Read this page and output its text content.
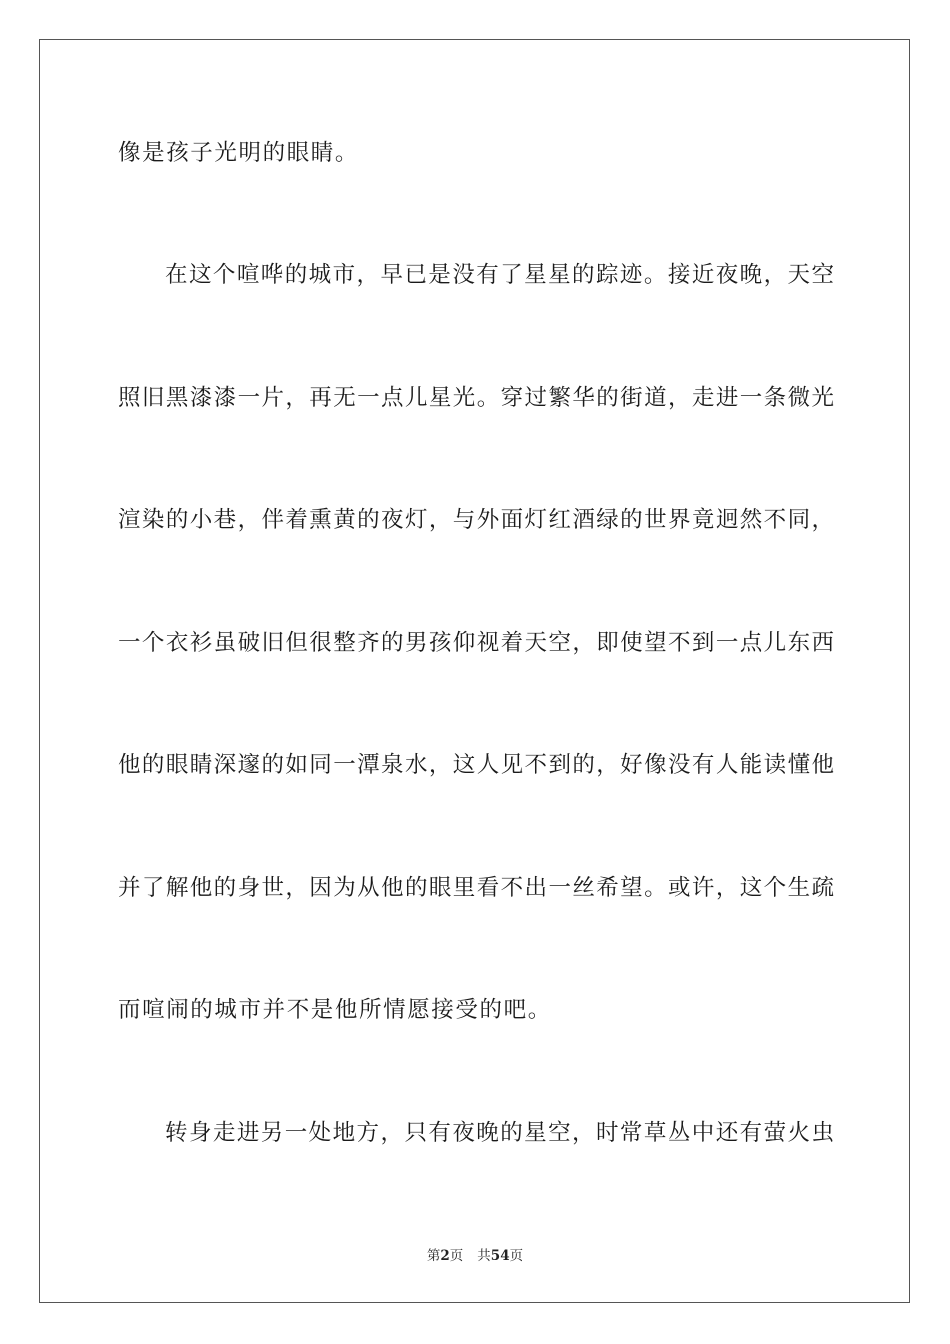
像是孩子光明的眼睛。
在这个喧哗的城市，早已是没有了星星的踪迹。接近夜晚，天空
照旧黑漆漆一片，再无一点儿星光。穿过繁华的街道，走进一条微光
渲染的小巷，伴着熏黄的夜灯，与外面灯红酒绿的世界竟迥然不同，
一个衣衫虽破旧但很整齐的男孩仰视着天空，即使望不到一点儿东西
他的眼睛深邃的如同一潭泉水，这人见不到的，好像没有人能读懂他
并了解他的身世，因为从他的眼里看不出一丝希望。或许，这个生疏
而喧闹的城市并不是他所情愿接受的吧。
转身走进另一处地方，只有夜晚的星空，时常草丛中还有萤火虫
第2页 共54页
